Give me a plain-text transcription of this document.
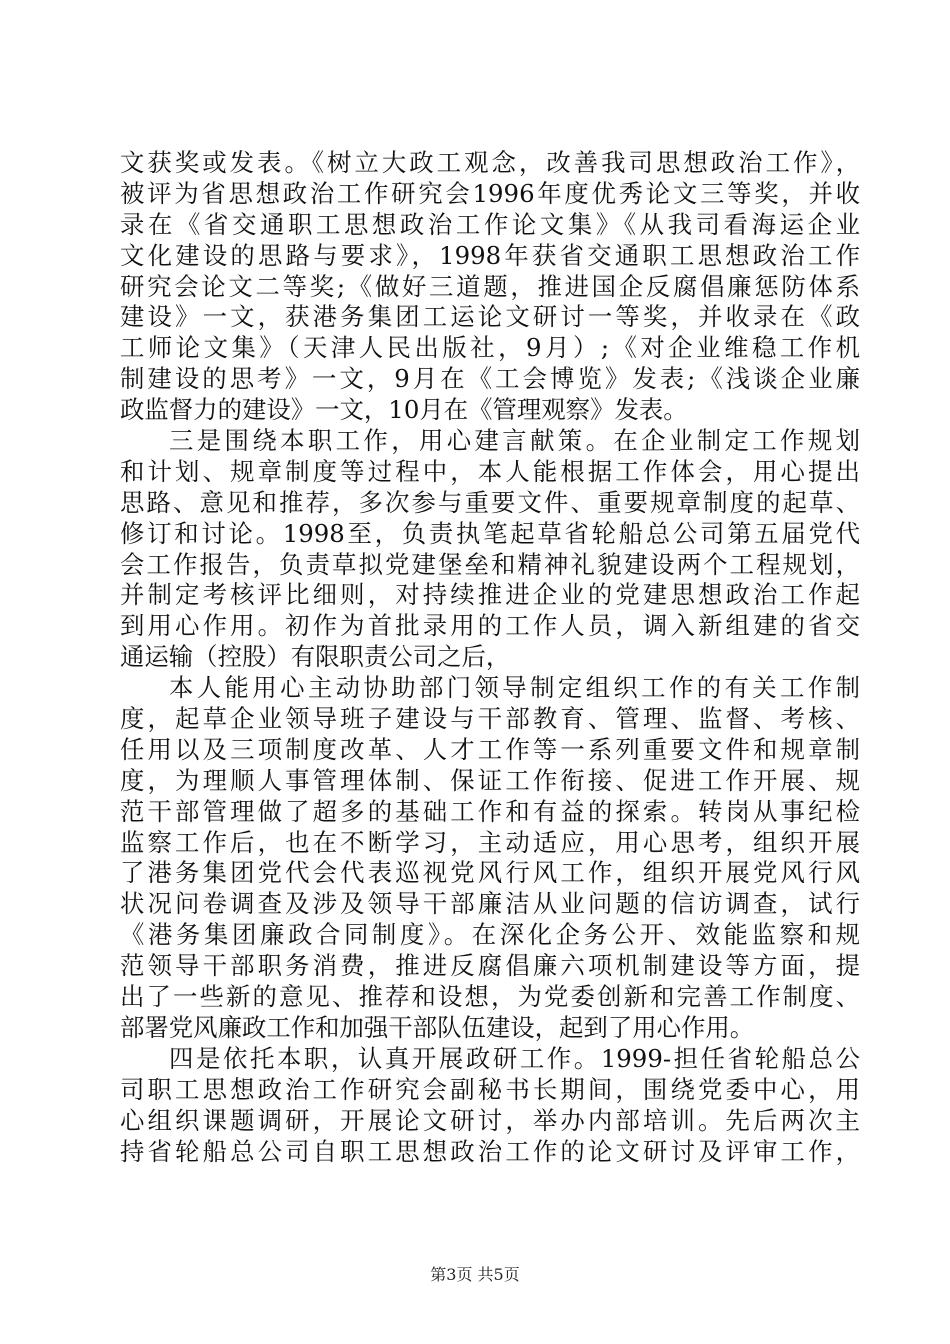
文获奖或发表。《树立大政工观念，改善我司思想政治工作》，
被评为省思想政治工作研究会1996年度优秀论文三等奖，并收
录在《省交通职工思想政治工作论文集》《从我司看海运企业
文化建设的思路与要求》，1998年获省交通职工思想政治工作
研究会论文二等奖;《做好三道题，推进国企反腐倡廉惩防体系
建设》一文，获港务集团工运论文研讨一等奖，并收录在《政
工师论文集》（天津人民出版社，9月）;《对企业维稳工作机
制建设的思考》一文，9月在《工会博览》发表;《浅谈企业廉
政监督力的建设》一文，10月在《管理观察》发表。
三是围绕本职工作，用心建言献策。在企业制定工作规划
和计划、规章制度等过程中，本人能根据工作体会，用心提出
思路、意见和推荐，多次参与重要文件、重要规章制度的起草、
修订和讨论。1998至，负责执笔起草省轮船总公司第五届党代
会工作报告，负责草拟党建堡垒和精神礼貌建设两个工程规划，
并制定考核评比细则，对持续推进企业的党建思想政治工作起
到用心作用。初作为首批录用的工作人员，调入新组建的省交
通运输（控股）有限职责公司之后，
本人能用心主动协助部门领导制定组织工作的有关工作制
度，起草企业领导班子建设与干部教育、管理、监督、考核、
任用以及三项制度改革、人才工作等一系列重要文件和规章制
度，为理顺人事管理体制、保证工作衔接、促进工作开展、规
范干部管理做了超多的基础工作和有益的探索。转岗从事纪检
监察工作后，也在不断学习，主动适应，用心思考，组织开展
了港务集团党代会代表巡视党风行风工作，组织开展党风行风
状况问卷调查及涉及领导干部廉洁从业问题的信访调查，试行
《港务集团廉政合同制度》。在深化企务公开、效能监察和规
范领导干部职务消费，推进反腐倡廉六项机制建设等方面，提
出了一些新的意见、推荐和设想，为党委创新和完善工作制度、
部署党风廉政工作和加强干部队伍建设，起到了用心作用。
四是依托本职，认真开展政研工作。1999-担任省轮船总公
司职工思想政治工作研究会副秘书长期间，围绕党委中心，用
心组织课题调研，开展论文研讨，举办内部培训。先后两次主
持省轮船总公司自职工思想政治工作的论文研讨及评审工作，
第3页 共5页
